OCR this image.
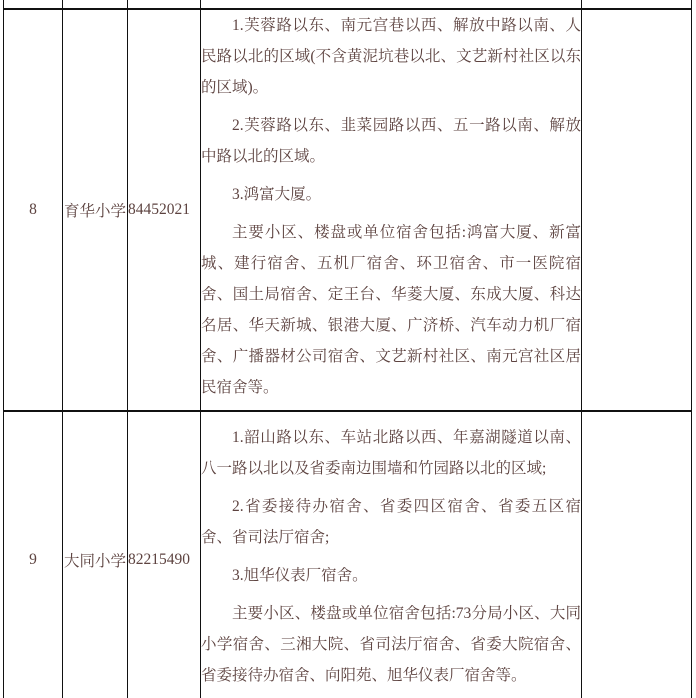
8	育华小学	84452021	1.芙蓉路以东、南元宫巷以西、解放中路以南、人民路以北的区域(不含黄泥坑巷以北、文艺新村社区以东的区域)。

2.芙蓉路以东、韭菜园路以西、五一路以南、解放中路以北的区域。

3.鸿富大厦。

主要小区、楼盘或单位宿舍包括:鸿富大厦、新富城、建行宿舍、五机厂宿舍、环卫宿舍、市一医院宿舍、国土局宿舍、定王台、华菱大厦、东成大厦、科达名居、华天新城、银港大厦、广济桥、汽车动力机厂宿舍、广播器材公司宿舍、文艺新村社区、南元宫社区居民宿舍等。	

9	大同小学	82215490	1.韶山路以东、车站北路以西、年嘉湖隧道以南、八一路以北以及省委南边围墙和竹园路以北的区域;

2.省委接待办宿舍、省委四区宿舍、省委五区宿舍、省司法厅宿舍;

3.旭华仪表厂宿舍。

主要小区、楼盘或单位宿舍包括:73分局小区、大同小学宿舍、三湘大院、省司法厅宿舍、省委大院宿舍、省委接待办宿舍、向阳苑、旭华仪表厂宿舍等。	
